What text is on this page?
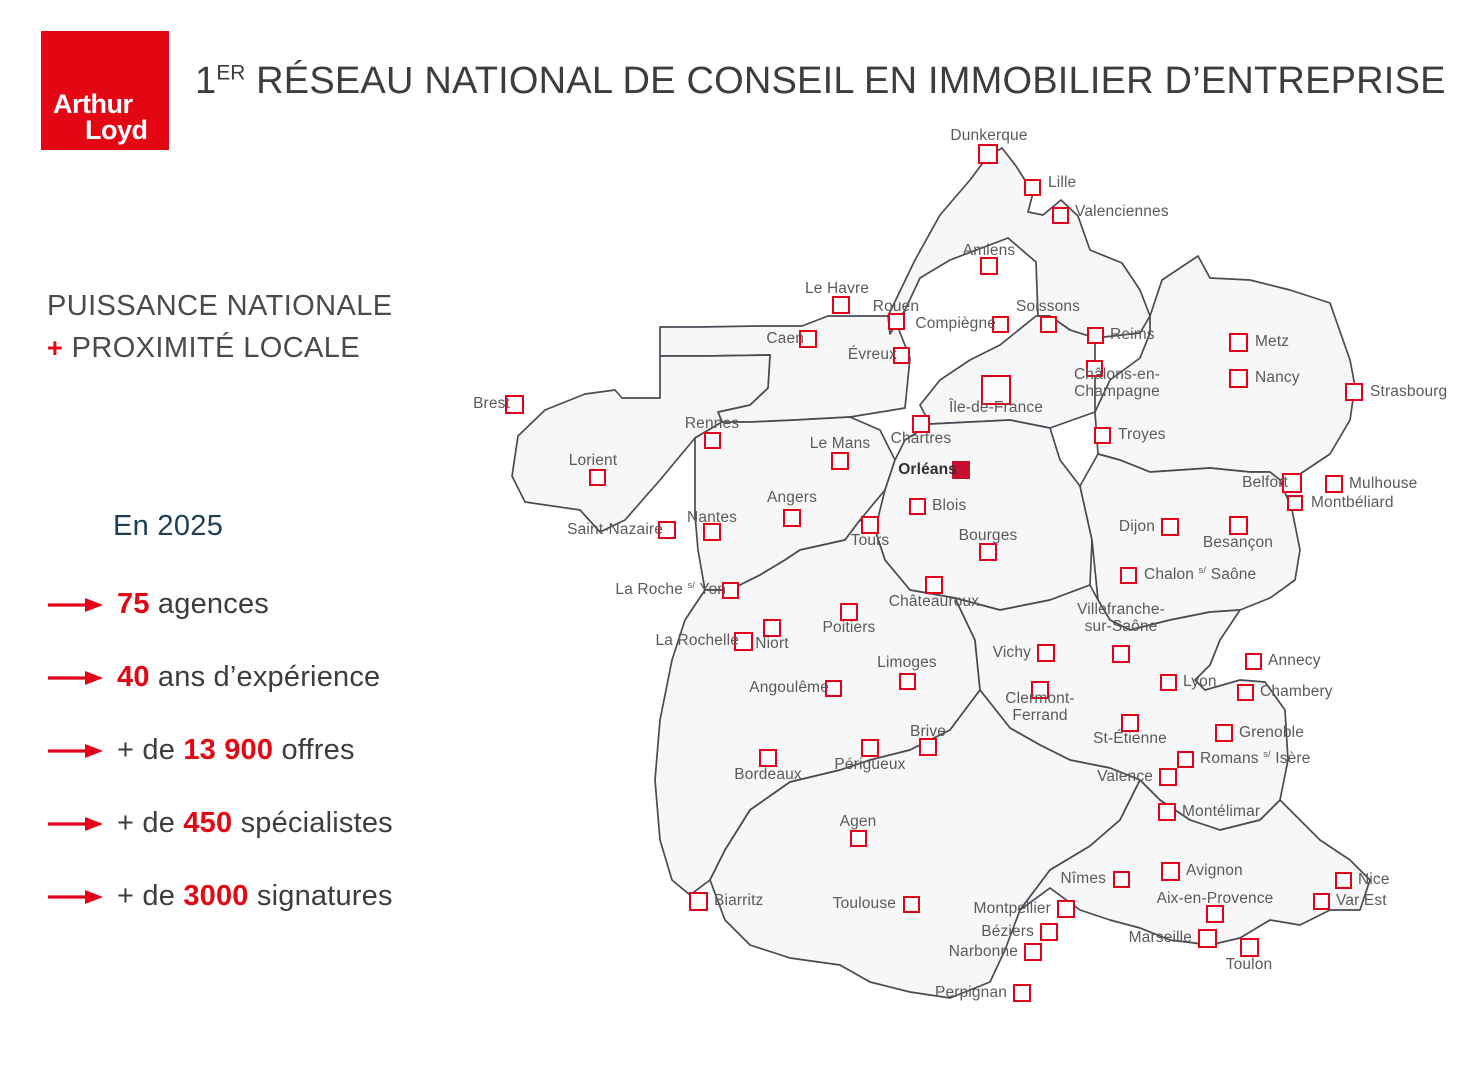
Arthur
Loyd
1ER RÉSEAU NATIONAL DE CONSEIL EN IMMOBILIER D’ENTREPRISE
PUISSANCE NATIONALE
+ PROXIMITÉ LOCALE
En 2025
75 agences
40 ans d’expérience
+ de 13 900 offres
+ de 450 spécialistes
+ de 3000 signatures
Dunkerque
Lille
Valenciennes
Amiens
Le Havre
Rouen
Compiègne
Soissons
Caen	Reims
Évreux
Metz
Nancy
Châlons-en-
Champagne	Strasbourg
Île-de-France
Brest
Chartres	Troyes
Rennes
Le Mans
Lorient
Belfort	Mulhouse
Montbéliard
Orléans
Angers	Blois
Nantes
Dijon
Saint-Nazaire
Tours	Bourges	Besançon
Chalon $^{s/}$ Saône
La Roche $^{s/}$ Yon
Châteauroux
Poitiers
Villefranche-
sur-Saône
La Rochelle	Niort
Limoges
Vichy	Annecy
Lyon
Angoulême	Chambery
Clermont-
Ferrand
Brive	Grenoble
St-Étienne
Romans $^{s/}$ Isère
Périgueux
Valence
Bordeaux
Montélimar
Agen
Avignon
Nîmes	Nice
Aix-en-Provence	Var Est
Biarritz	Montpellier
Toulouse
Béziers	Marseille
Narbonne
Toulon
Perpignan
